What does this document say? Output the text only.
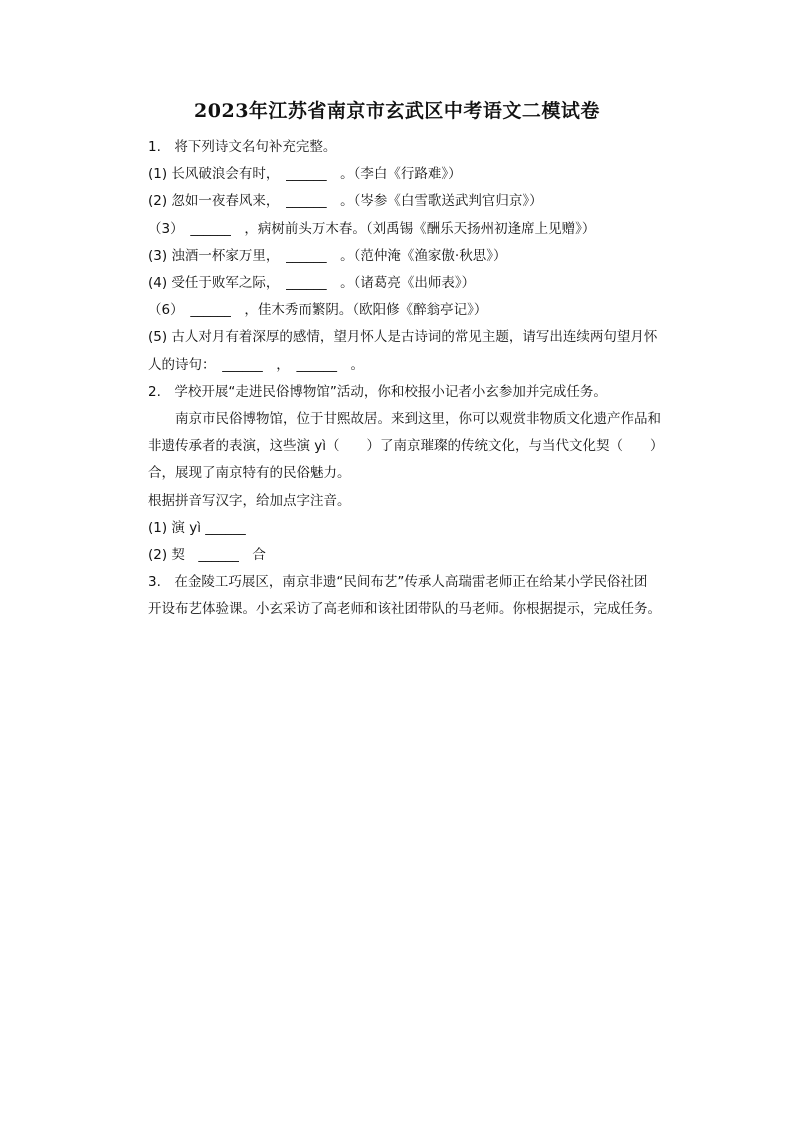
2023年江苏省南京市玄武区中考语文二模试卷
1.　将下列诗文名句补充完整。
(1) 长风破浪会有时，　______　。（李白《行路难》）
(2) 忽如一夜春风来，　______　。（岑参《白雪歌送武判官归京》）
（3）　______　，病树前头万木春。（刘禹锡《酬乐天扬州初逢席上见赠》）
(3) 浊酒一杯家万里，　______　。（范仲淹《渔家傲·秋思》）
(4) 受任于败军之际，　______　。（诸葛亮《出师表》）
（6）　______　，佳木秀而繁阴。（欧阳修《醉翁亭记》）
(5) 古人对月有着深厚的感情，望月怀人是古诗词的常见主题，请写出连续两句望月怀
人的诗句：　______　，　______　。
2.　学校开展“走进民俗博物馆”活动，你和校报小记者小玄参加并完成任务。
南京市民俗博物馆，位于甘熙故居。来到这里，你可以观赏非物质文化遗产作品和
非遗传承者的表演，这些演 yì（　　）了南京璀璨的传统文化，与当代文化契（　　）
合，展现了南京特有的民俗魅力。
根据拼音写汉字，给加点字注音。
(1) 演 yì ______
(2) 契　______　合
3.　在金陵工巧展区，南京非遗“民间布艺”传承人高瑞雷老师正在给某小学民俗社团
开设布艺体验课。小玄采访了高老师和该社团带队的马老师。你根据提示，完成任务。
